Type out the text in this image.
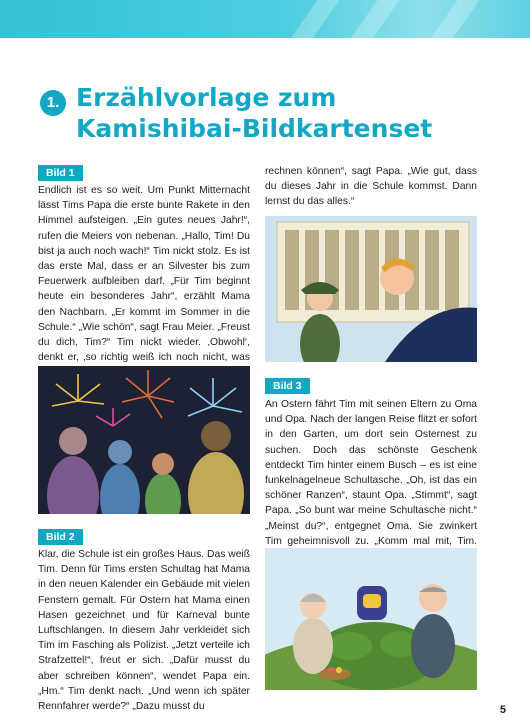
1. Erzählvorlage zum
Kamishibai-Bildkartenset
Bild 1

Endlich ist es so weit. Um Punkt Mitternacht lässt Tims Papa die erste bunte Rakete in den Himmel aufsteigen. „Ein gutes neues Jahr!“, rufen die Meiers von nebenan. „Hallo, Tim! Du bist ja auch noch wach!“ Tim nickt stolz. Es ist das erste Mal, dass er an Silvester bis zum Feuerwerk aufbleiben darf. „Für Tim beginnt heute ein besonderes Jahr“, erzählt Mama den Nachbarn. „Er kommt im Sommer in die Schule.“ „Wie schön“, sagt Frau Meier. „Freust du dich, Tim?“ Tim nickt wieder. ‚Obwohl‘, denkt er, ‚so richtig weiß ich noch nicht, was

Bild 2

Klar, die Schule ist ein großes Haus. Das weiß Tim. Denn für Tims ersten Schultag hat Mama in den neuen Kalender ein Gebäude mit vielen Fenstern gemalt. Für Ostern hat Mama einen Hasen gezeichnet und für Karneval bunte Luftschlangen. In diesem Jahr verkleidet sich Tim im Fasching als Polizist. „Jetzt verteile ich Strafzettel!“, freut er sich. „Dafür musst du aber schreiben können“, wendet Papa ein. „Hm.“ Tim denkt nach. „Und wenn ich später Rennfahrer werde?“ „Dazu musst du

rechnen können“, sagt Papa. „Wie gut, dass du dieses Jahr in die Schule kommst. Dann lernst du das alles.“

Bild 3

An Ostern fährt Tim mit seinen Eltern zu Oma und Opa. Nach der langen Reise flitzt er sofort in den Garten, um dort sein Osternest zu suchen. Doch das schönste Geschenk entdeckt Tim hinter einem Busch – es ist eine funkelnagelneue Schultasche. „Oh, ist das ein schöner Ranzen“, staunt Opa. „Stimmt“, sagt Papa. „So bunt war meine Schultasche nicht.“ „Meinst du?“, entgegnet Oma. Sie zwinkert Tim geheimnisvoll zu. „Komm mal mit, Tim.

5
